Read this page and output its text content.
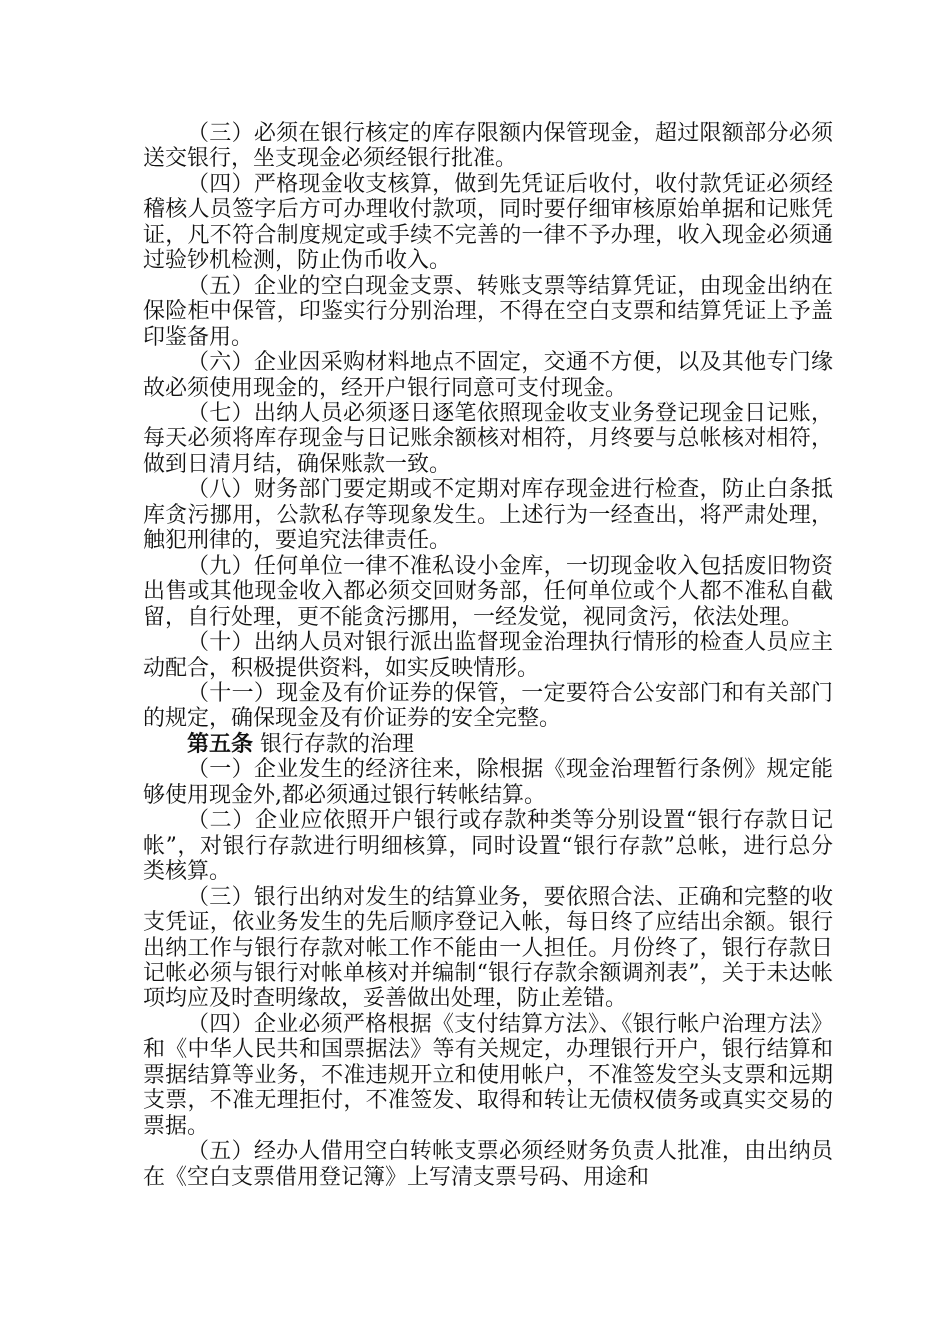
（三）必须在银行核定的库存限额内保管现金，超过限额部分必须送交银行，坐支现金必须经银行批准。

（四）严格现金收支核算，做到先凭证后收付，收付款凭证必须经稽核人员签字后方可办理收付款项，同时要仔细审核原始单据和记账凭证，凡不符合制度规定或手续不完善的一律不予办理，收入现金必须通过验钞机检测，防止伪币收入。

（五）企业的空白现金支票、转账支票等结算凭证，由现金出纳在保险柜中保管，印鉴实行分别治理，不得在空白支票和结算凭证上予盖印鉴备用。

（六）企业因采购材料地点不固定，交通不方便，以及其他专门缘故必须使用现金的，经开户银行同意可支付现金。

（七）出纳人员必须逐日逐笔依照现金收支业务登记现金日记账，每天必须将库存现金与日记账余额核对相符，月终要与总帐核对相符，做到日清月结，确保账款一致。

（八）财务部门要定期或不定期对库存现金进行检查，防止白条抵库贪污挪用，公款私存等现象发生。上述行为一经查出，将严肃处理，触犯刑律的，要追究法律责任。

（九）任何单位一律不准私设小金库，一切现金收入包括废旧物资出售或其他现金收入都必须交回财务部，任何单位或个人都不准私自截留，自行处理，更不能贪污挪用，一经发觉，视同贪污，依法处理。

（十）出纳人员对银行派出监督现金治理执行情形的检查人员应主动配合，积极提供资料，如实反映情形。

（十一）现金及有价证券的保管，一定要符合公安部门和有关部门的规定，确保现金及有价证券的安全完整。

第五条 银行存款的治理

（一）企业发生的经济往来，除根据《现金治理暂行条例》规定能够使用现金外,都必须通过银行转帐结算。

（二）企业应依照开户银行或存款种类等分别设置“银行存款日记帐”，对银行存款进行明细核算，同时设置“银行存款”总帐，进行总分类核算。

（三）银行出纳对发生的结算业务，要依照合法、正确和完整的收支凭证，依业务发生的先后顺序登记入帐，每日终了应结出余额。银行出纳工作与银行存款对帐工作不能由一人担任。月份终了，银行存款日记帐必须与银行对帐单核对并编制“银行存款余额调剂表”，关于未达帐项均应及时查明缘故，妥善做出处理，防止差错。

（四）企业必须严格根据《支付结算方法》、《银行帐户治理方法》和《中华人民共和国票据法》等有关规定，办理银行开户，银行结算和票据结算等业务，不准违规开立和使用帐户，不准签发空头支票和远期支票，不准无理拒付，不准签发、取得和转让无债权债务或真实交易的票据。

（五）经办人借用空白转帐支票必须经财务负责人批准，由出纳员在《空白支票借用登记簿》上写清支票号码、用途和
